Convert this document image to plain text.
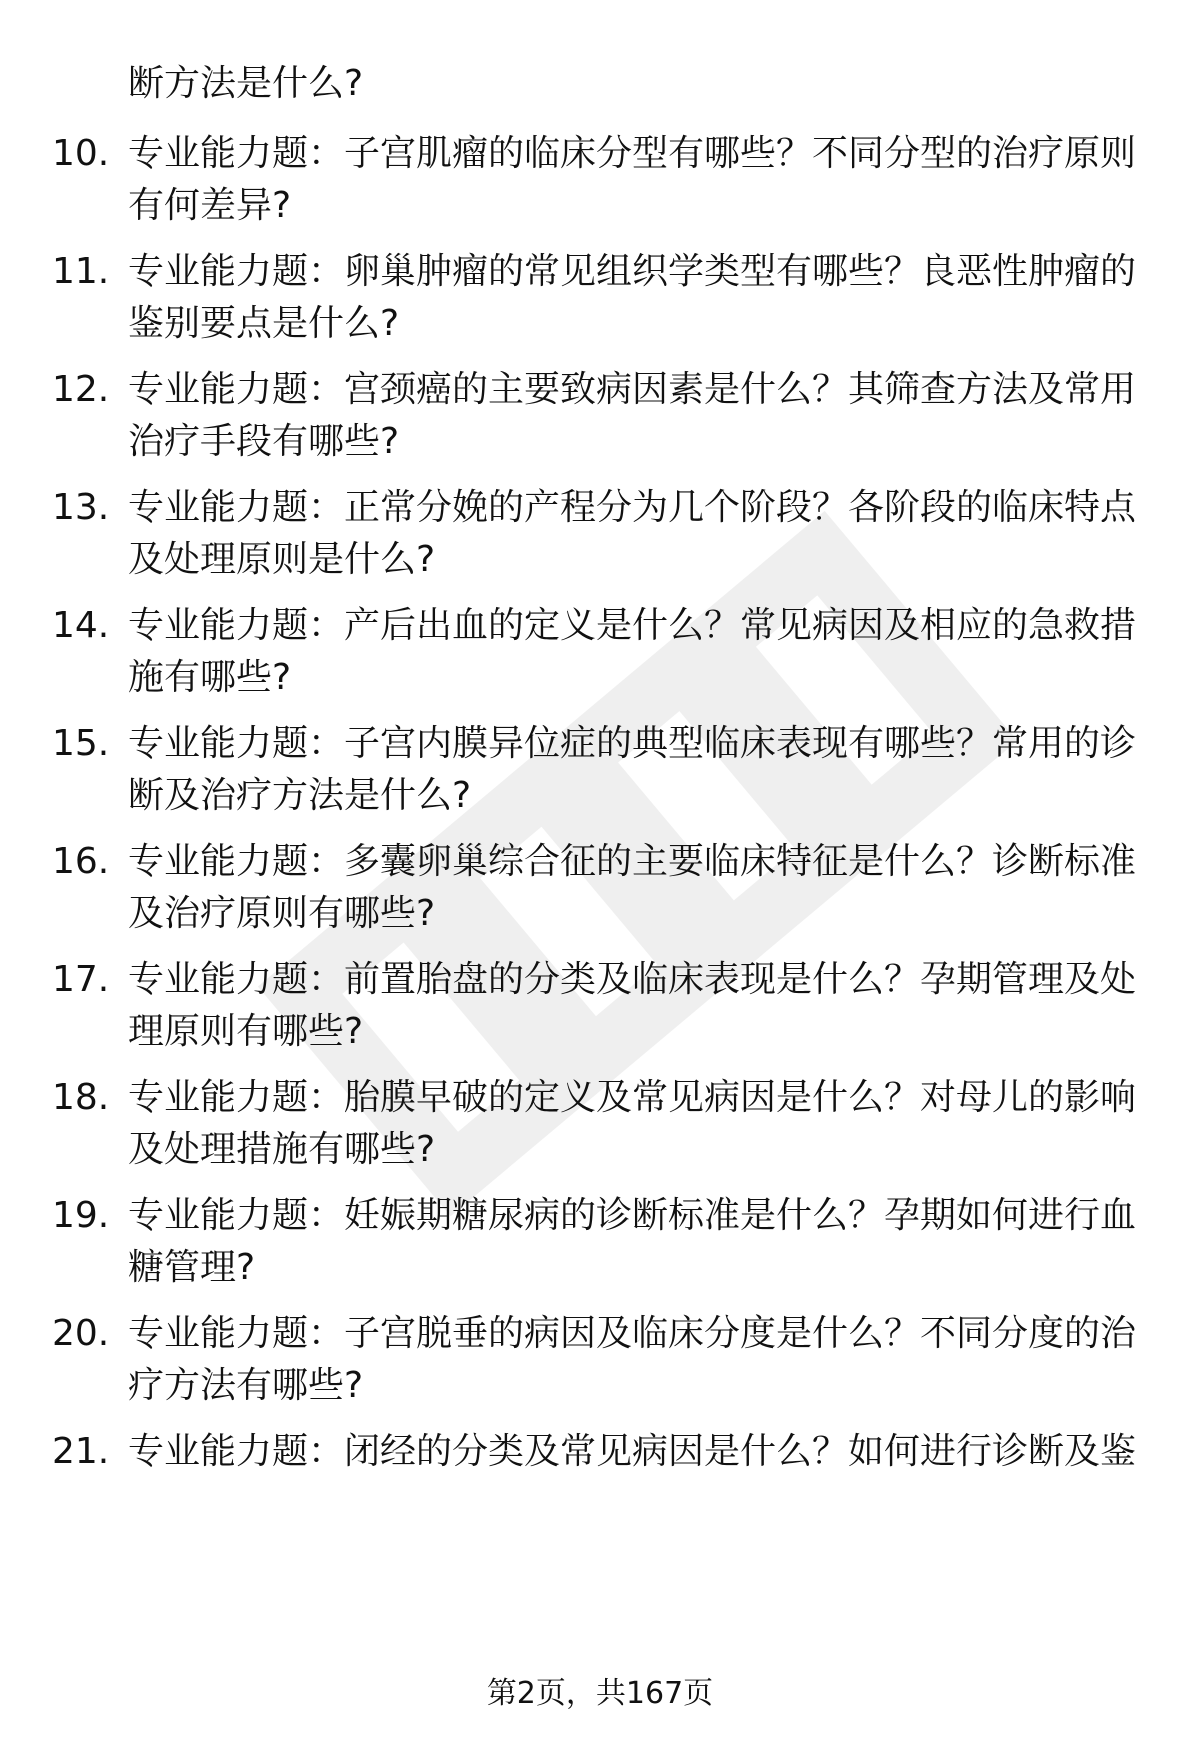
断方法是什么?
10. 专业能力题：子宫肌瘤的临床分型有哪些？不同分型的治疗原则
有何差异?
11. 专业能力题：卵巢肿瘤的常见组织学类型有哪些？良恶性肿瘤的
鉴别要点是什么?
12. 专业能力题：宫颈癌的主要致病因素是什么？其筛查方法及常用
治疗手段有哪些?
13. 专业能力题：正常分娩的产程分为几个阶段？各阶段的临床特点
及处理原则是什么?
14. 专业能力题：产后出血的定义是什么？常见病因及相应的急救措
施有哪些?
15. 专业能力题：子宫内膜异位症的典型临床表现有哪些？常用的诊
断及治疗方法是什么?
16. 专业能力题：多囊卵巢综合征的主要临床特征是什么？诊断标准
及治疗原则有哪些?
17. 专业能力题：前置胎盘的分类及临床表现是什么？孕期管理及处
理原则有哪些?
18. 专业能力题：胎膜早破的定义及常见病因是什么？对母儿的影响
及处理措施有哪些?
19. 专业能力题：妊娠期糖尿病的诊断标准是什么？孕期如何进行血
糖管理?
20. 专业能力题：子宫脱垂的病因及临床分度是什么？不同分度的治
疗方法有哪些?
21. 专业能力题：闭经的分类及常见病因是什么？如何进行诊断及鉴
第2页，共167页
